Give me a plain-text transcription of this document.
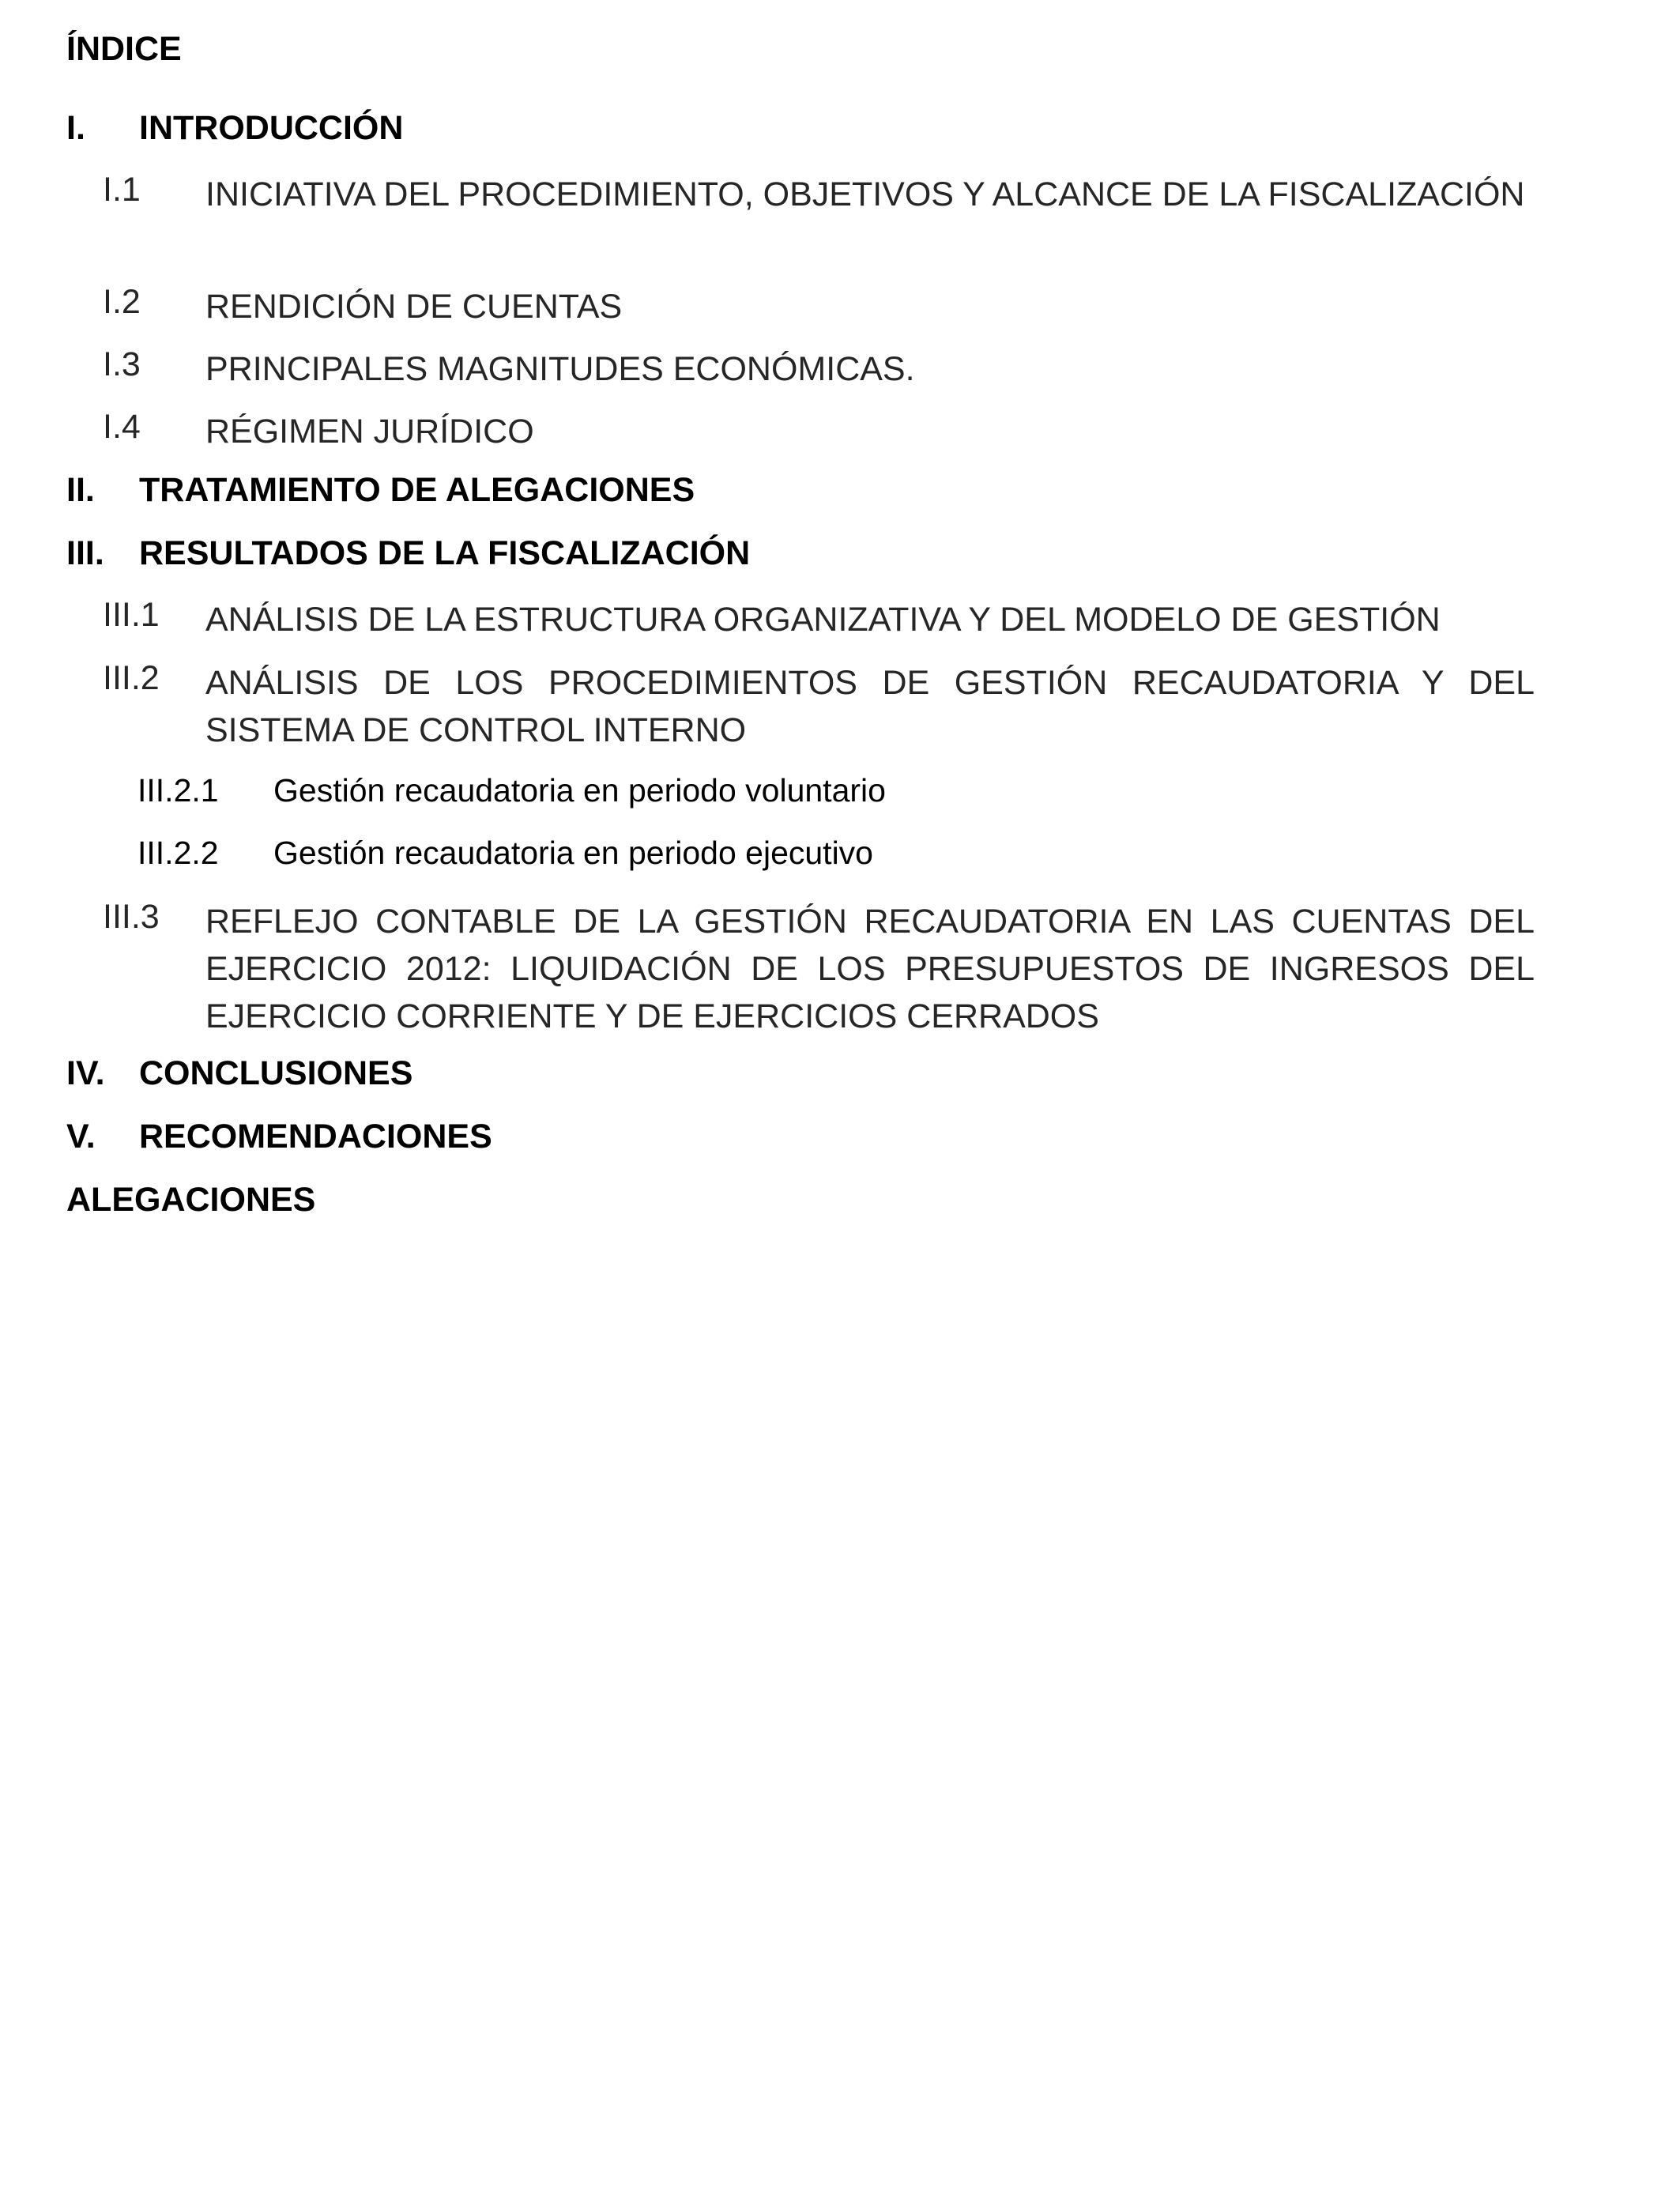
ÍNDICE
I. INTRODUCCIÓN
I.1 INICIATIVA DEL PROCEDIMIENTO, OBJETIVOS Y ALCANCE DE LA FISCALIZACIÓN
I.2 RENDICIÓN DE CUENTAS
I.3 PRINCIPALES MAGNITUDES ECONÓMICAS.
I.4 RÉGIMEN JURÍDICO
II. TRATAMIENTO DE ALEGACIONES
III. RESULTADOS DE LA FISCALIZACIÓN
III.1 ANÁLISIS DE LA ESTRUCTURA ORGANIZATIVA Y DEL MODELO DE GESTIÓN
III.2 ANÁLISIS DE LOS PROCEDIMIENTOS DE GESTIÓN RECAUDATORIA Y DEL SISTEMA DE CONTROL INTERNO
III.2.1 Gestión recaudatoria en periodo voluntario
III.2.2 Gestión recaudatoria en periodo ejecutivo
III.3 REFLEJO CONTABLE DE LA GESTIÓN RECAUDATORIA EN LAS CUENTAS DEL EJERCICIO 2012: LIQUIDACIÓN DE LOS PRESUPUESTOS DE INGRESOS DEL EJERCICIO CORRIENTE Y DE EJERCICIOS CERRADOS
IV. CONCLUSIONES
V. RECOMENDACIONES
ALEGACIONES
